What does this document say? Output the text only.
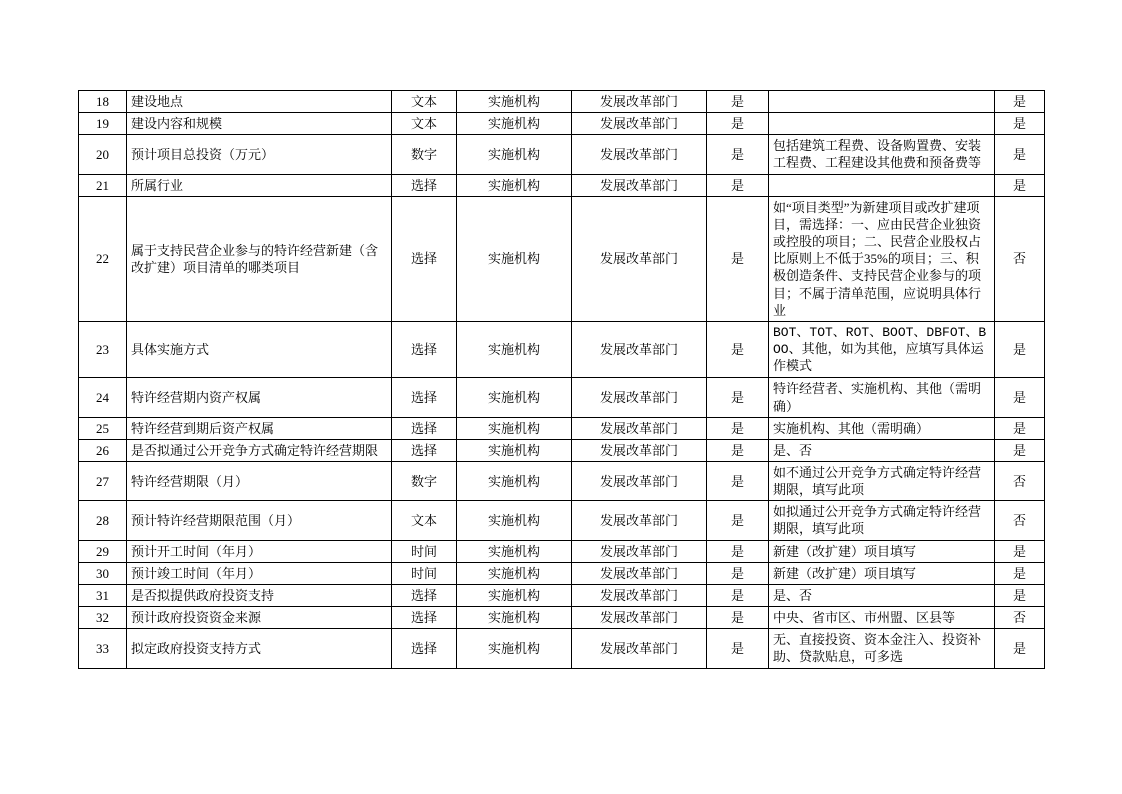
18	建设地点	文本	实施机构	发展改革部门	是		是
19	建设内容和规模	文本	实施机构	发展改革部门	是		是
20	预计项目总投资（万元）	数字	实施机构	发展改革部门	是	包括建筑工程费、设备购置费、安装工程费、工程建设其他费和预备费等	是
21	所属行业	选择	实施机构	发展改革部门	是		是
22	属于支持民营企业参与的特许经营新建（含改扩建）项目清单的哪类项目	选择	实施机构	发展改革部门	是	如“项目类型”为新建项目或改扩建项目，需选择：一、应由民营企业独资或控股的项目；二、民营企业股权占比原则上不低于35%的项目；三、积极创造条件、支持民营企业参与的项目；不属于清单范围，应说明具体行业	否
23	具体实施方式	选择	实施机构	发展改革部门	是	BOT、TOT、ROT、BOOT、DBFOT、BOO、其他，如为其他，应填写具体运作模式	是
24	特许经营期内资产权属	选择	实施机构	发展改革部门	是	特许经营者、实施机构、其他（需明确）	是
25	特许经营到期后资产权属	选择	实施机构	发展改革部门	是	实施机构、其他（需明确）	是
26	是否拟通过公开竞争方式确定特许经营期限	选择	实施机构	发展改革部门	是	是、否	是
27	特许经营期限（月）	数字	实施机构	发展改革部门	是	如不通过公开竞争方式确定特许经营期限，填写此项	否
28	预计特许经营期限范围（月）	文本	实施机构	发展改革部门	是	如拟通过公开竞争方式确定特许经营期限，填写此项	否
29	预计开工时间（年月）	时间	实施机构	发展改革部门	是	新建（改扩建）项目填写	是
30	预计竣工时间（年月）	时间	实施机构	发展改革部门	是	新建（改扩建）项目填写	是
31	是否拟提供政府投资支持	选择	实施机构	发展改革部门	是	是、否	是
32	预计政府投资资金来源	选择	实施机构	发展改革部门	是	中央、省市区、市州盟、区县等	否
33	拟定政府投资支持方式	选择	实施机构	发展改革部门	是	无、直接投资、资本金注入、投资补助、贷款贴息，可多选	是
